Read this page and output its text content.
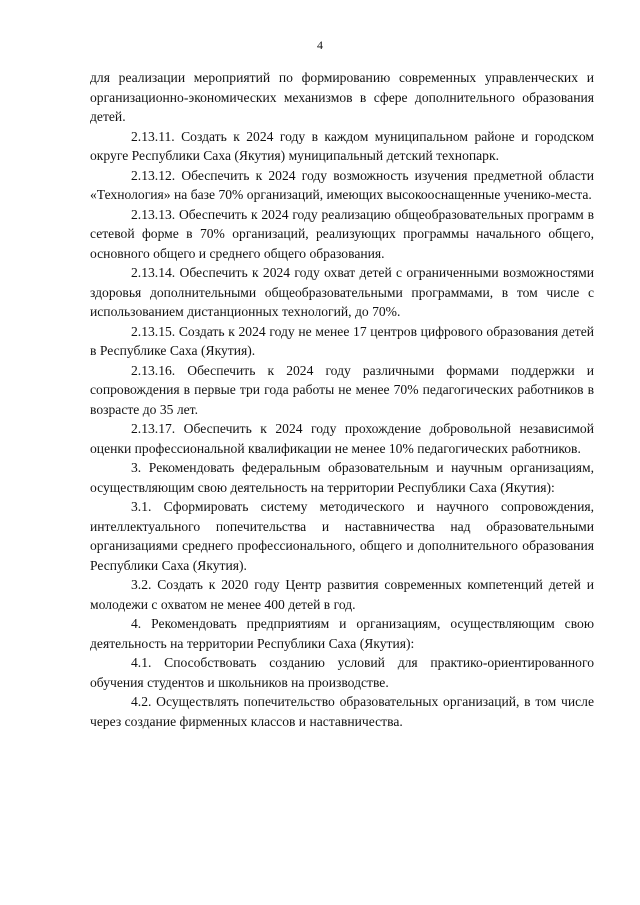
4

для реализации мероприятий по формированию современных управленческих и организационно-экономических механизмов в сфере дополнительного образования детей.

2.13.11. Создать к 2024 году в каждом муниципальном районе и городском округе Республики Саха (Якутия) муниципальный детский технопарк.

2.13.12. Обеспечить к 2024 году возможность изучения предметной области «Технология» на базе 70% организаций, имеющих высокооснащенные ученико-места.

2.13.13. Обеспечить к 2024 году реализацию общеобразовательных программ в сетевой форме в 70% организаций, реализующих программы начального общего, основного общего и среднего общего образования.

2.13.14. Обеспечить к 2024 году охват детей с ограниченными возможностями здоровья дополнительными общеобразовательными программами, в том числе с использованием дистанционных технологий, до 70%.

2.13.15. Создать к 2024 году не менее 17 центров цифрового образования детей в Республике Саха (Якутия).

2.13.16. Обеспечить к 2024 году различными формами поддержки и сопровождения в первые три года работы не менее 70% педагогических работников в возрасте до 35 лет.

2.13.17. Обеспечить к 2024 году прохождение добровольной независимой оценки профессиональной квалификации не менее 10% педагогических работников.

3. Рекомендовать федеральным образовательным и научным организациям, осуществляющим свою деятельность на территории Республики Саха (Якутия):

3.1. Сформировать систему методического и научного сопровождения, интеллектуального попечительства и наставничества над образовательными организациями среднего профессионального, общего и дополнительного образования Республики Саха (Якутия).

3.2. Создать к 2020 году Центр развития современных компетенций детей и молодежи с охватом не менее 400 детей в год.

4. Рекомендовать предприятиям и организациям, осуществляющим свою деятельность на территории Республики Саха (Якутия):

4.1. Способствовать созданию условий для практико-ориентированного обучения студентов и школьников на производстве.

4.2. Осуществлять попечительство образовательных организаций, в том числе через создание фирменных классов и наставничества.
